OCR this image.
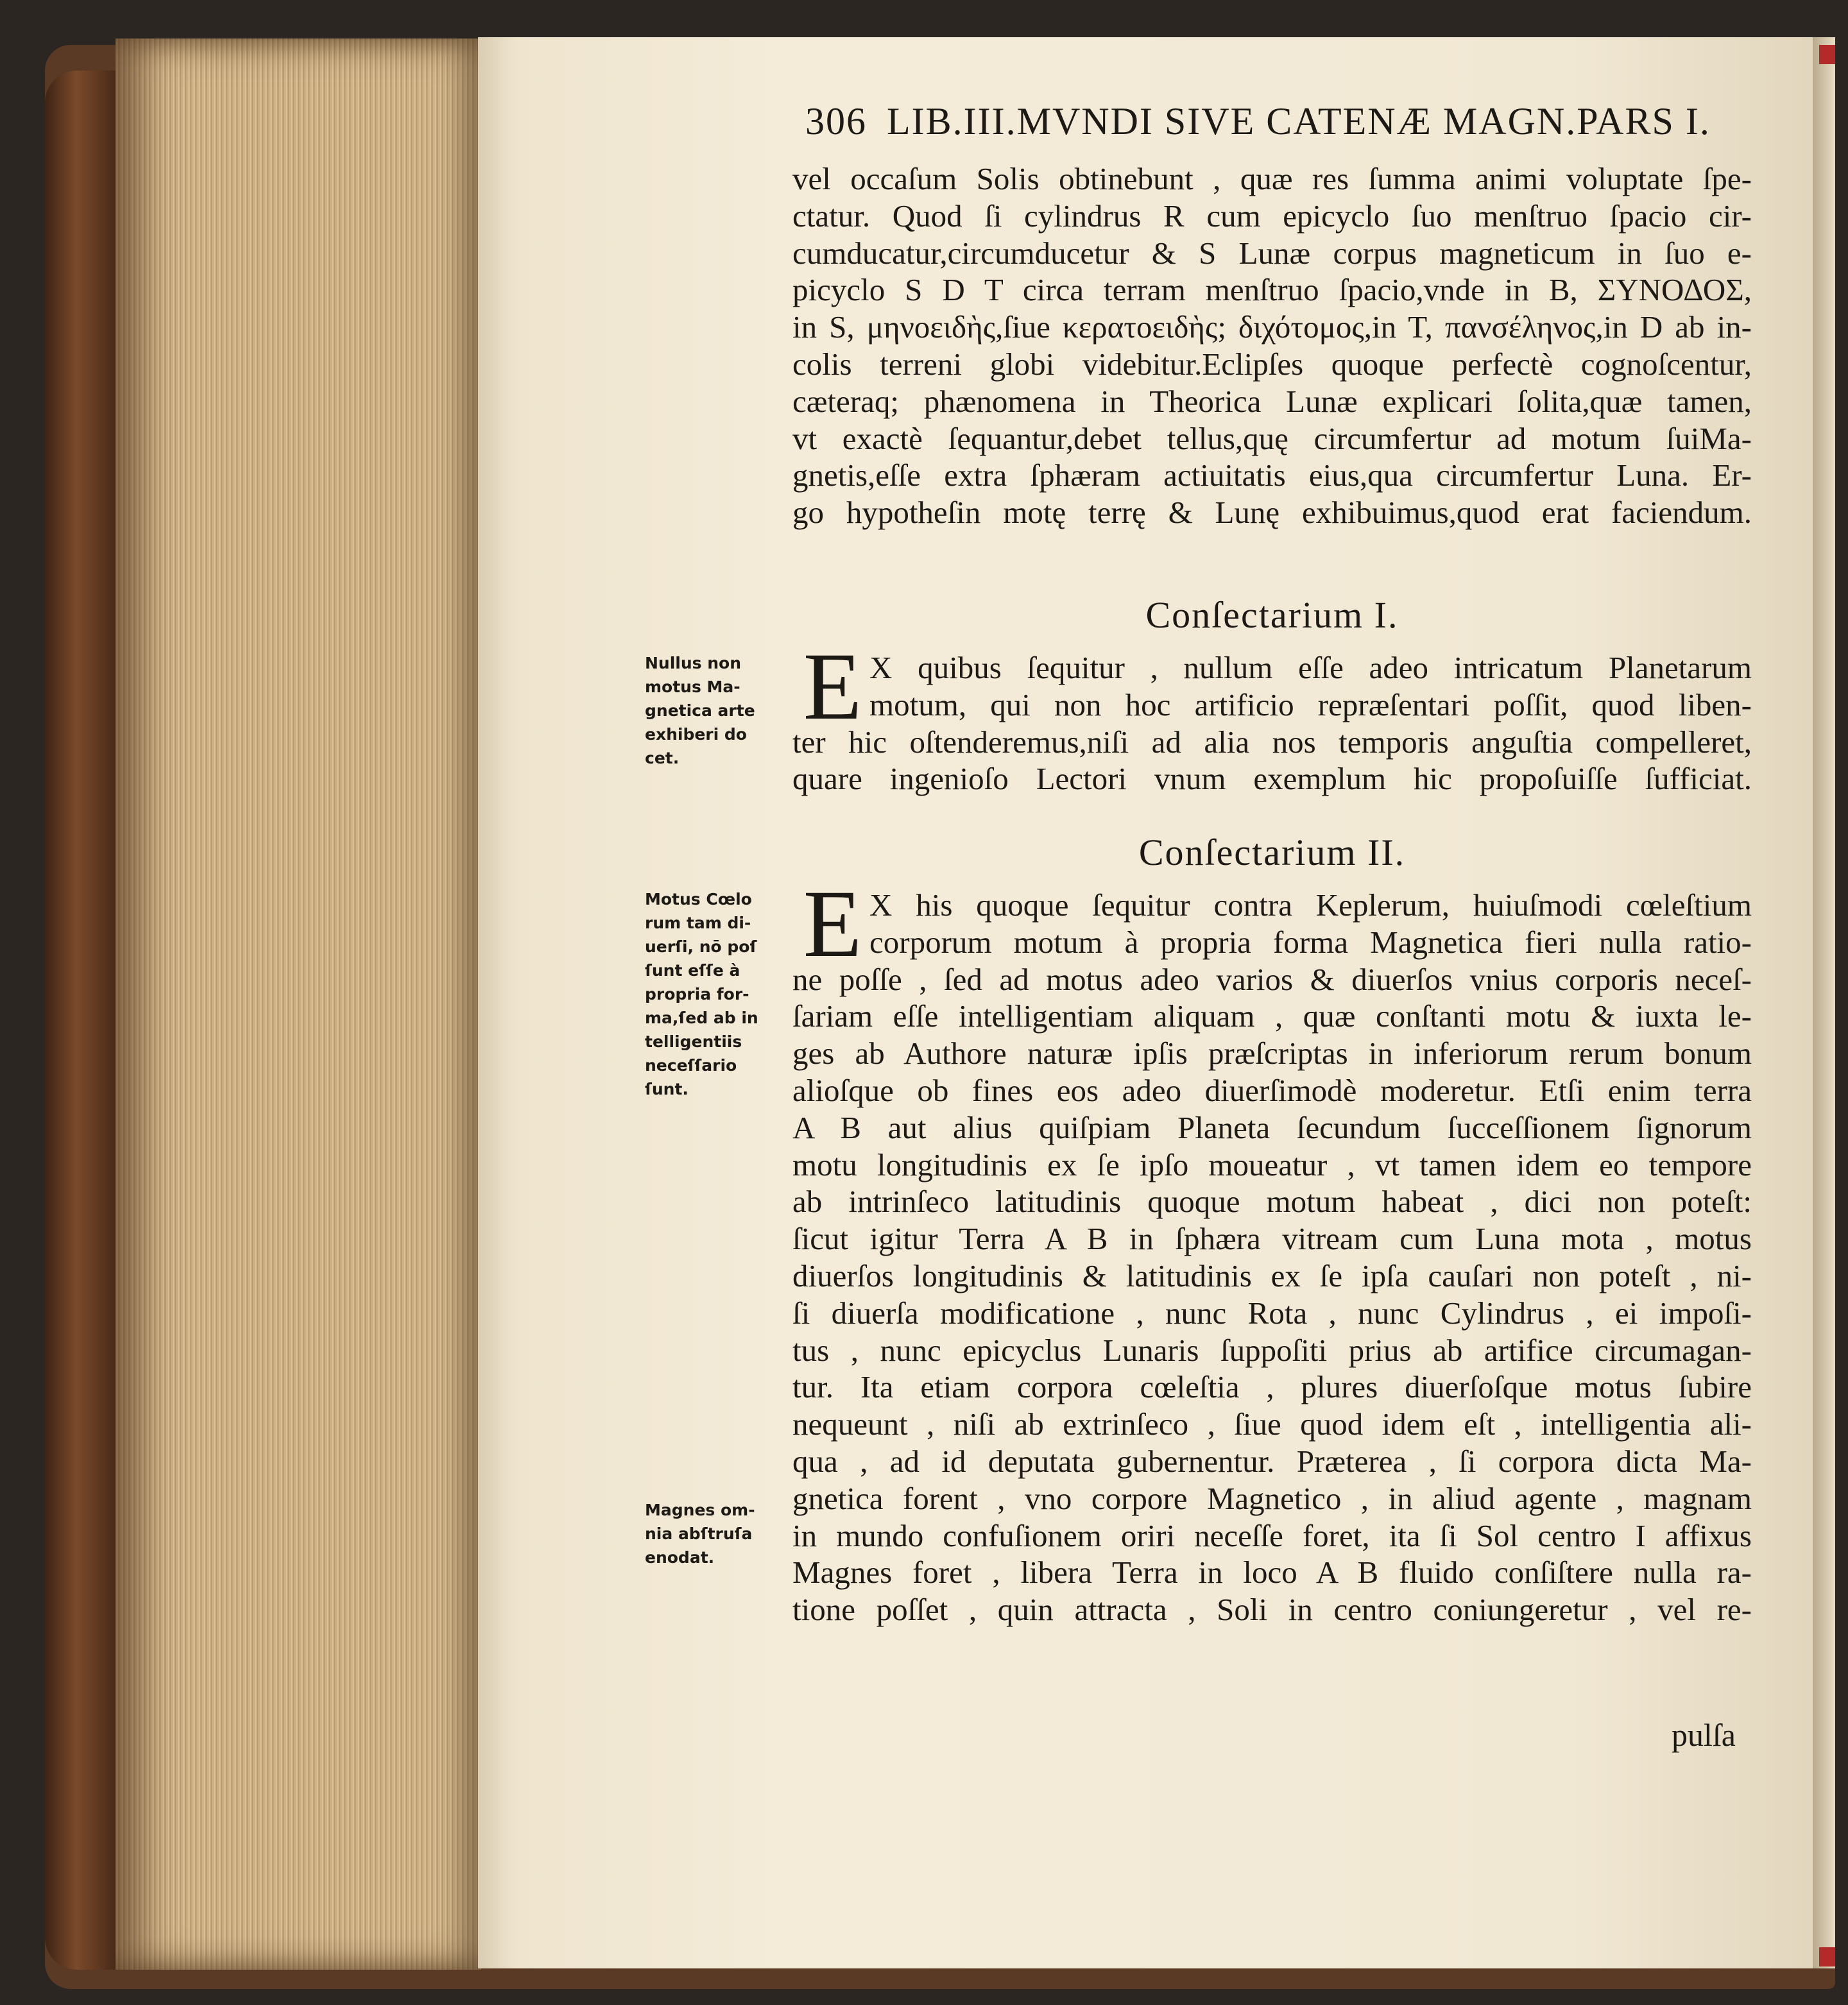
306 LIB.III.MVNDI SIVE CATENÆ MAGN.PARS I.
vel occaſum Solis obtinebunt , quæ res ſumma animi voluptate ſpe-
ctatur. Quod ſi cylindrus R cum epicyclo ſuo menſtruo ſpacio cir-
cumducatur,circumducetur & S Lunæ corpus magneticum in ſuo e-
picyclo S D T circa terram menſtruo ſpacio,vnde in B, ΣΥΝΟΔΟΣ,
in S, μηνοειδὴς,ſiue κερατοειδὴς; διχότομος,in T, πανσέληνος,in D ab in-
colis terreni globi videbitur.Eclipſes quoque perfectè cognoſcentur,
cæteraq; phænomena in Theorica Lunæ explicari ſolita,quæ tamen,
vt exactè ſequantur,debet tellus,quę circumfertur ad motum ſuiMa-
gnetis,eſſe extra ſphæram actiuitatis eius,qua circumfertur Luna. Er-
go hypotheſin motę terrę & Lunę exhibuimus,quod erat faciendum.
Conſectarium I.
Nullus non
motus Ma-
gnetica arte
exhiberi do
cet.
E X quibus ſequitur , nullum eſſe adeo intricatum Planetarum
motum, qui non hoc artificio repræſentari poſſit, quod liben-
ter hic oſtenderemus,niſi ad alia nos temporis anguſtia compelleret,
quare ingenioſo Lectori vnum exemplum hic propoſuiſſe ſufficiat.
Conſectarium II.
Motus Cœlo
rum tam di-
uerſi, nō poſ
ſunt eſſe à
propria for-
ma,ſed ab in
telligentiis
neceſſario
ſunt.
Magnes om-
nia abſtruſa
enodat.
E X his quoque ſequitur contra Keplerum, huiuſmodi cœleſtium
corporum motum à propria forma Magnetica fieri nulla ratio-
ne poſſe , ſed ad motus adeo varios & diuerſos vnius corporis neceſ-
ſariam eſſe intelligentiam aliquam , quæ conſtanti motu & iuxta le-
ges ab Authore naturæ ipſis præſcriptas in inferiorum rerum bonum
alioſque ob fines eos adeo diuerſimodè moderetur. Etſi enim terra
A B aut alius quiſpiam Planeta ſecundum ſucceſſionem ſignorum
motu longitudinis ex ſe ipſo moueatur , vt tamen idem eo tempore
ab intrinſeco latitudinis quoque motum habeat , dici non poteſt:
ſicut igitur Terra A B in ſphæra vitream cum Luna mota , motus
diuerſos longitudinis & latitudinis ex ſe ipſa cauſari non poteſt , ni-
ſi diuerſa modificatione , nunc Rota , nunc Cylindrus , ei impoſi-
tus , nunc epicyclus Lunaris ſuppoſiti prius ab artifice circumagan-
tur. Ita etiam corpora cœleſtia , plures diuerſoſque motus ſubire
nequeunt , niſi ab extrinſeco , ſiue quod idem eſt , intelligentia ali-
qua , ad id deputata gubernentur. Præterea , ſi corpora dicta Ma-
gnetica forent , vno corpore Magnetico , in aliud agente , magnam
in mundo confuſionem oriri neceſſe foret, ita ſi Sol centro I affixus
Magnes foret , libera Terra in loco A B fluido conſiſtere nulla ra-
tione poſſet , quin attracta , Soli in centro coniungeretur , vel re-
pulſa
